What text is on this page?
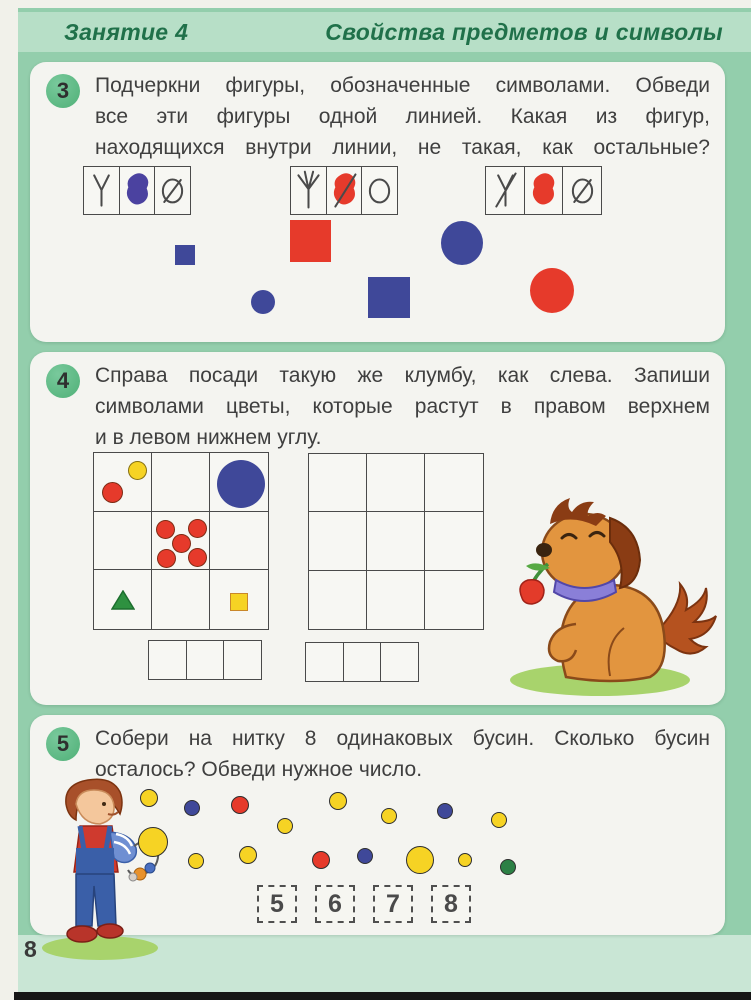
Занятие 4	Свойства предметов и символы
3	Подчеркни фигуры, обозначенные символами. Обведи
все эти фигуры одной линией. Какая из фигур,
находящихся внутри линии, не такая, как остальные?
4	Справа посади такую же клумбу, как слева. Запиши
символами цветы, которые растут в правом верхнем
и в левом нижнем углу.
5	Собери на нитку 8 одинаковых бусин. Сколько бусин
осталось? Обведи нужное число.
5	6	7	8
8
